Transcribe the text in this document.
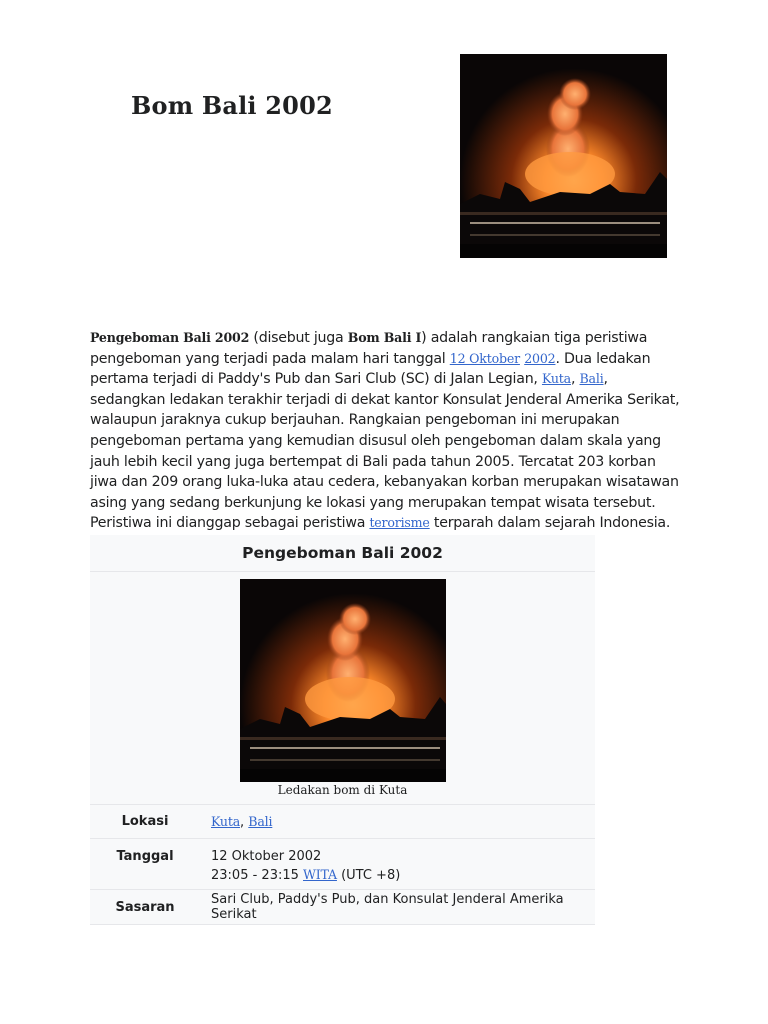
Bom Bali 2002

Pengeboman Bali 2002 (disebut juga Bom Bali I) adalah rangkaian tiga peristiwa pengeboman yang terjadi pada malam hari tanggal 12 Oktober 2002. Dua ledakan pertama terjadi di Paddy's Pub dan Sari Club (SC) di Jalan Legian, Kuta, Bali, sedangkan ledakan terakhir terjadi di dekat kantor Konsulat Jenderal Amerika Serikat, walaupun jaraknya cukup berjauhan. Rangkaian pengeboman ini merupakan pengeboman pertama yang kemudian disusul oleh pengeboman dalam skala yang jauh lebih kecil yang juga bertempat di Bali pada tahun 2005. Tercatat 203 korban jiwa dan 209 orang luka-luka atau cedera, kebanyakan korban merupakan wisatawan asing yang sedang berkunjung ke lokasi yang merupakan tempat wisata tersebut. Peristiwa ini dianggap sebagai peristiwa terorisme terparah dalam sejarah Indonesia.

Pengeboman Bali 2002
Ledakan bom di Kuta
Lokasi	Kuta, Bali
Tanggal	12 Oktober 2002
23:05 - 23:15 WITA (UTC +8)
Sasaran	Sari Club, Paddy's Pub, dan Konsulat Jenderal Amerika Serikat
